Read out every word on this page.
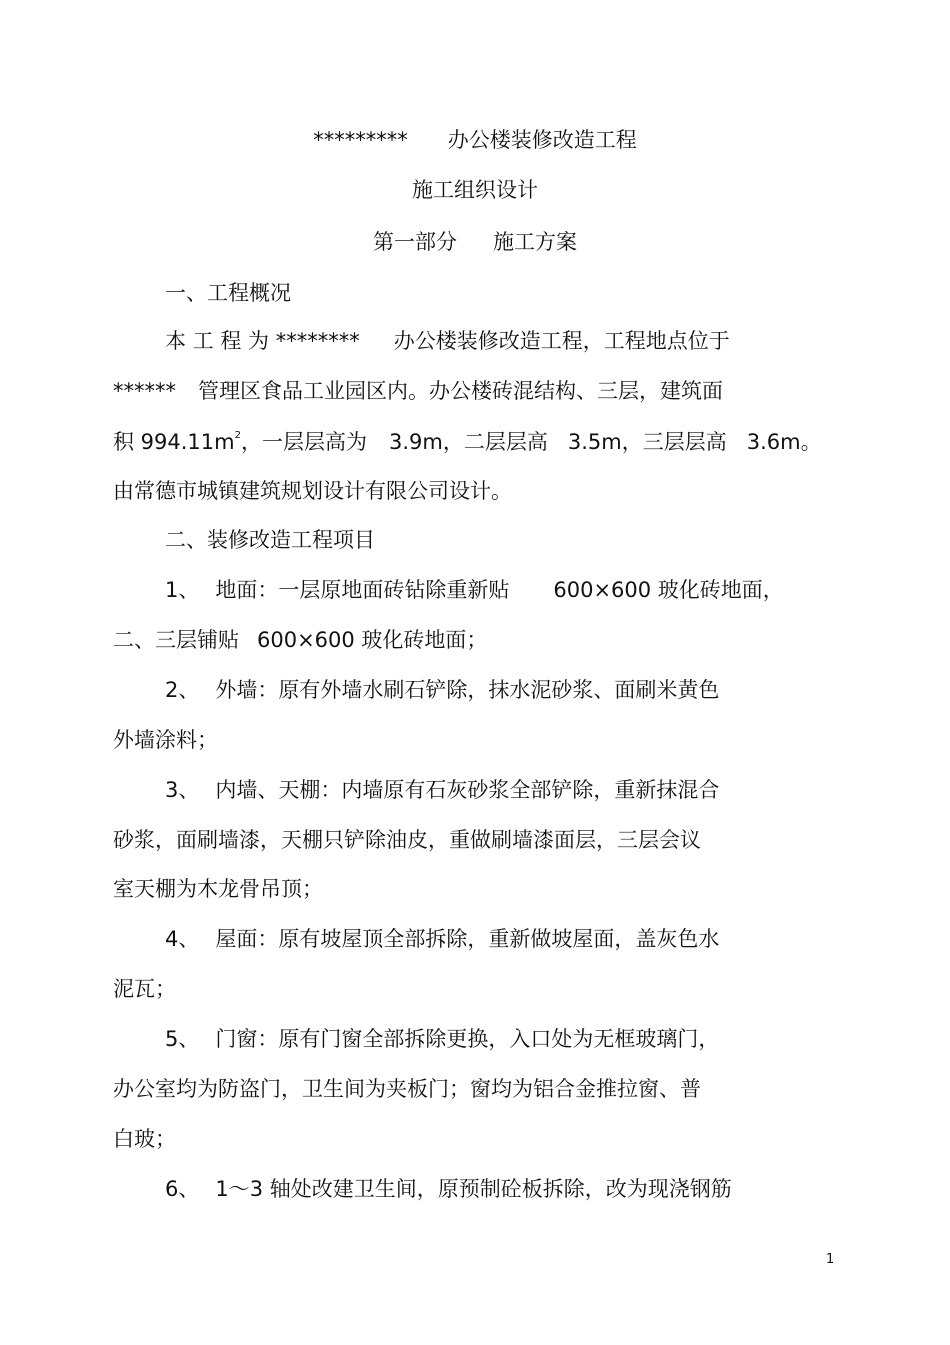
********* 办公楼装修改造工程
施工组织设计
第一部分 施工方案
一、工程概况
本 工 程 为 ******** 办公楼装修改造工程，工程地点位于
****** 管理区食品工业园区内。办公楼砖混结构、三层，建筑面
积 $994.11m^2$，一层层高为 3.9m，二层层高 3.5m，三层层高 3.6m。
由常德市城镇建筑规划设计有限公司设计。
二、装修改造工程项目
1、 地面：一层原地面砖钻除重新贴 600×600 玻化砖地面，
二、三层铺贴 600×600 玻化砖地面；
2、 外墙：原有外墙水刷石铲除，抹水泥砂浆、面刷米黄色
外墙涂料；
3、 内墙、天棚：内墙原有石灰砂浆全部铲除，重新抹混合
砂浆，面刷墙漆，天棚只铲除油皮，重做刷墙漆面层，三层会议
室天棚为木龙骨吊顶；
4、 屋面：原有坡屋顶全部拆除，重新做坡屋面，盖灰色水
泥瓦；
5、 门窗：原有门窗全部拆除更换，入口处为无框玻璃门，
办公室均为防盗门，卫生间为夹板门；窗均为铝合金推拉窗、普
白玻；
6、 1～3 轴处改建卫生间，原预制砼板拆除，改为现浇钢筋
1
